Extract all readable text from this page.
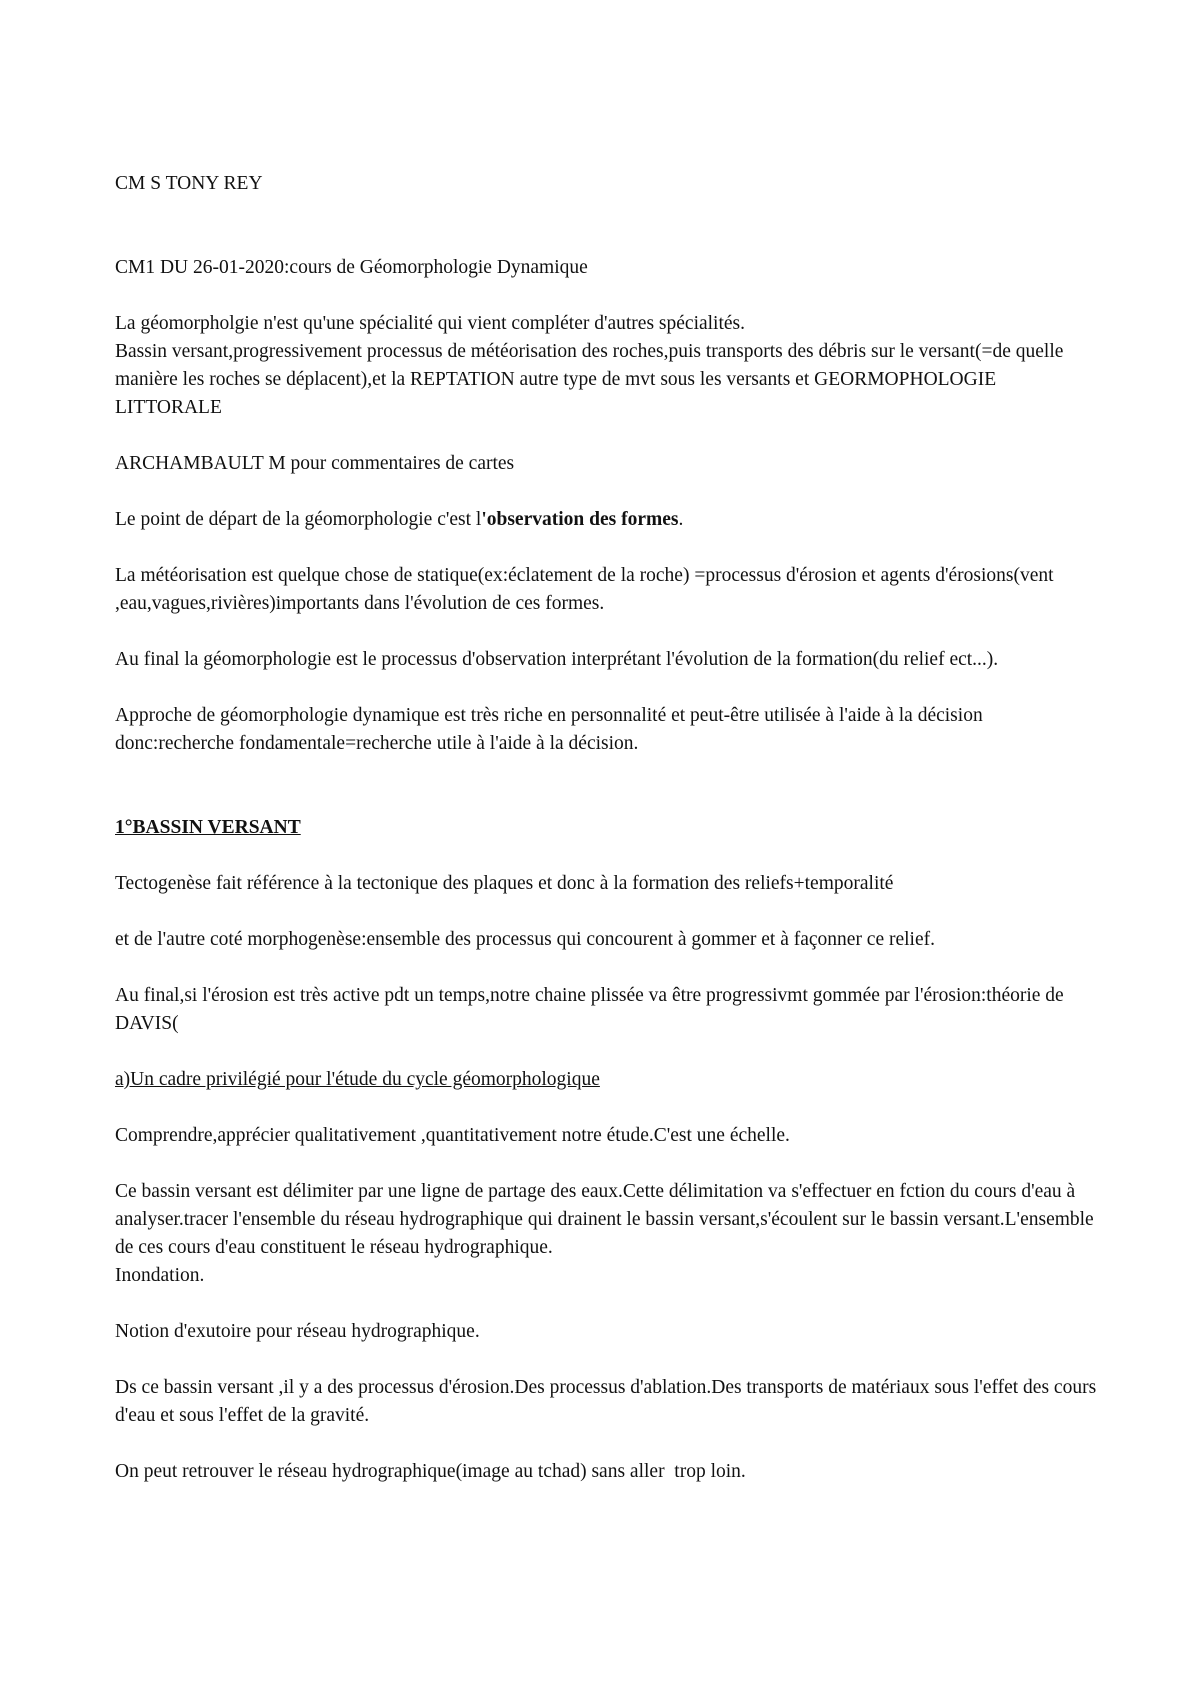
CM S TONY REY

CM1 DU 26-01-2020:cours de Géomorphologie Dynamique

La géomorpholgie n'est qu'une spécialité qui vient compléter d'autres spécialités.
Bassin versant,progressivement processus de météorisation des roches,puis transports des débris sur le versant(=de quelle manière les roches se déplacent),et la REPTATION autre type de mvt sous les versants et GEORMOPHOLOGIE LITTORALE

ARCHAMBAULT M pour commentaires de cartes

Le point de départ de la géomorphologie c'est l'observation des formes.

La météorisation est quelque chose de statique(ex:éclatement de la roche) =processus d'érosion et agents d'érosions(vent ,eau,vagues,rivières)importants dans l'évolution de ces formes.

Au final la géomorphologie est le processus d'observation interprétant l'évolution de la formation(du relief ect...).

Approche de géomorphologie dynamique est très riche en personnalité et peut-être utilisée à l'aide à la décision donc:recherche fondamentale=recherche utile à l'aide à la décision.

1°BASSIN VERSANT

Tectogenèse fait référence à la tectonique des plaques et donc à la formation des reliefs+temporalité

et de l'autre coté morphogenèse:ensemble des processus qui concourent à gommer et à façonner ce relief.

Au final,si l'érosion est très active pdt un temps,notre chaine plissée va être progressivmt gommée par l'érosion:théorie de DAVIS(

a)Un cadre privilégié pour l'étude du cycle géomorphologique

Comprendre,apprécier qualitativement ,quantitativement notre étude.C'est une échelle.

Ce bassin versant est délimiter par une ligne de partage des eaux.Cette délimitation va s'effectuer en fction du cours d'eau à analyser.tracer l'ensemble du réseau hydrographique qui drainent le bassin versant,s'écoulent sur le bassin versant.L'ensemble de ces cours d'eau constituent le réseau hydrographique.
Inondation.

Notion d'exutoire pour réseau hydrographique.

Ds ce bassin versant ,il y a des processus d'érosion.Des processus d'ablation.Des transports de matériaux sous l'effet des cours d'eau et sous l'effet de la gravité.

On peut retrouver le réseau hydrographique(image au tchad) sans aller  trop loin.
